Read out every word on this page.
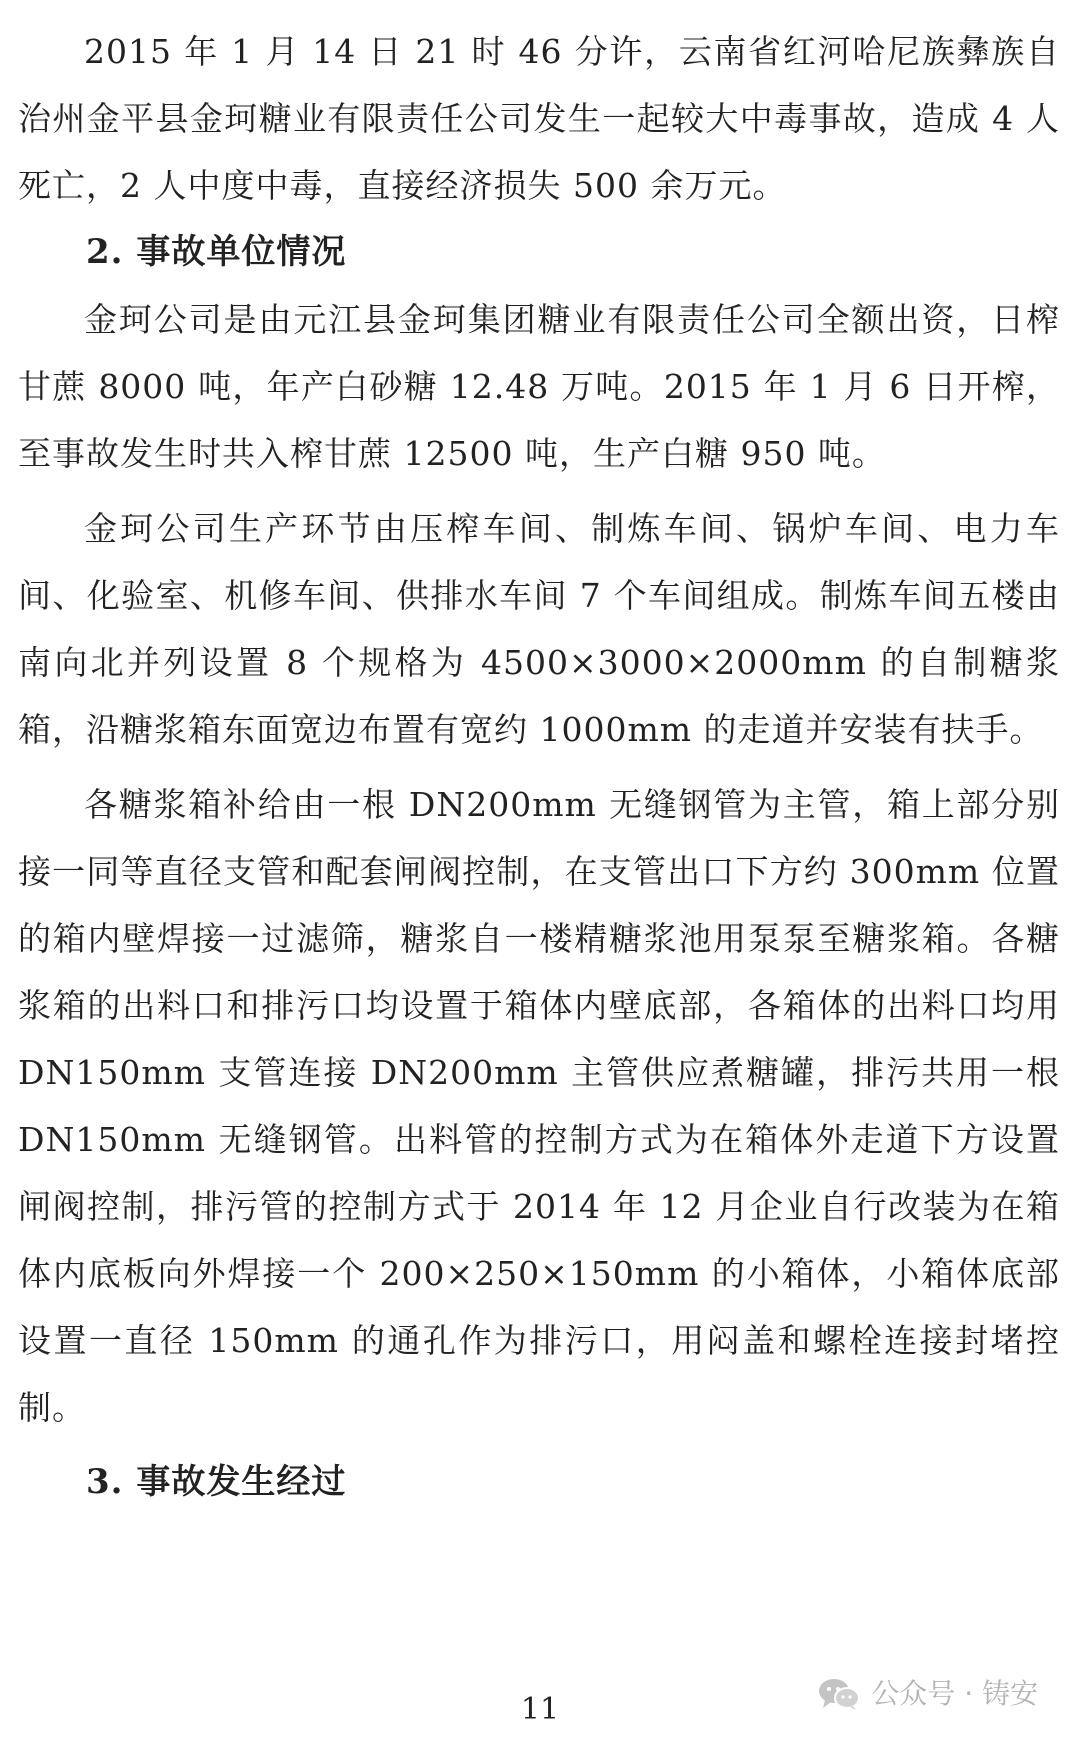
2015 年 1 月 14 日 21 时 46 分许，云南省红河哈尼族彝族自治州金平县金珂糖业有限责任公司发生一起较大中毒事故，造成 4 人死亡，2 人中度中毒，直接经济损失 500 余万元。

2. 事故单位情况

金珂公司是由元江县金珂集团糖业有限责任公司全额出资，日榨甘蔗 8000 吨，年产白砂糖 12.48 万吨。2015 年 1 月 6 日开榨，至事故发生时共入榨甘蔗 12500 吨，生产白糖 950 吨。

金珂公司生产环节由压榨车间、制炼车间、锅炉车间、电力车间、化验室、机修车间、供排水车间 7 个车间组成。制炼车间五楼由南向北并列设置 8 个规格为 4500×3000×2000mm 的自制糖浆箱，沿糖浆箱东面宽边布置有宽约 1000mm 的走道并安装有扶手。

各糖浆箱补给由一根 DN200mm 无缝钢管为主管，箱上部分别接一同等直径支管和配套闸阀控制，在支管出口下方约 300mm 位置的箱内壁焊接一过滤筛，糖浆自一楼精糖浆池用泵泵至糖浆箱。各糖浆箱的出料口和排污口均设置于箱体内壁底部，各箱体的出料口均用 DN150mm 支管连接 DN200mm 主管供应煮糖罐，排污共用一根 DN150mm 无缝钢管。出料管的控制方式为在箱体外走道下方设置闸阀控制，排污管的控制方式于 2014 年 12 月企业自行改装为在箱体内底板向外焊接一个 200×250×150mm 的小箱体，小箱体底部设置一直径 150mm 的通孔作为排污口，用闷盖和螺栓连接封堵控制。

3. 事故发生经过

公众号 · 铸安
11
